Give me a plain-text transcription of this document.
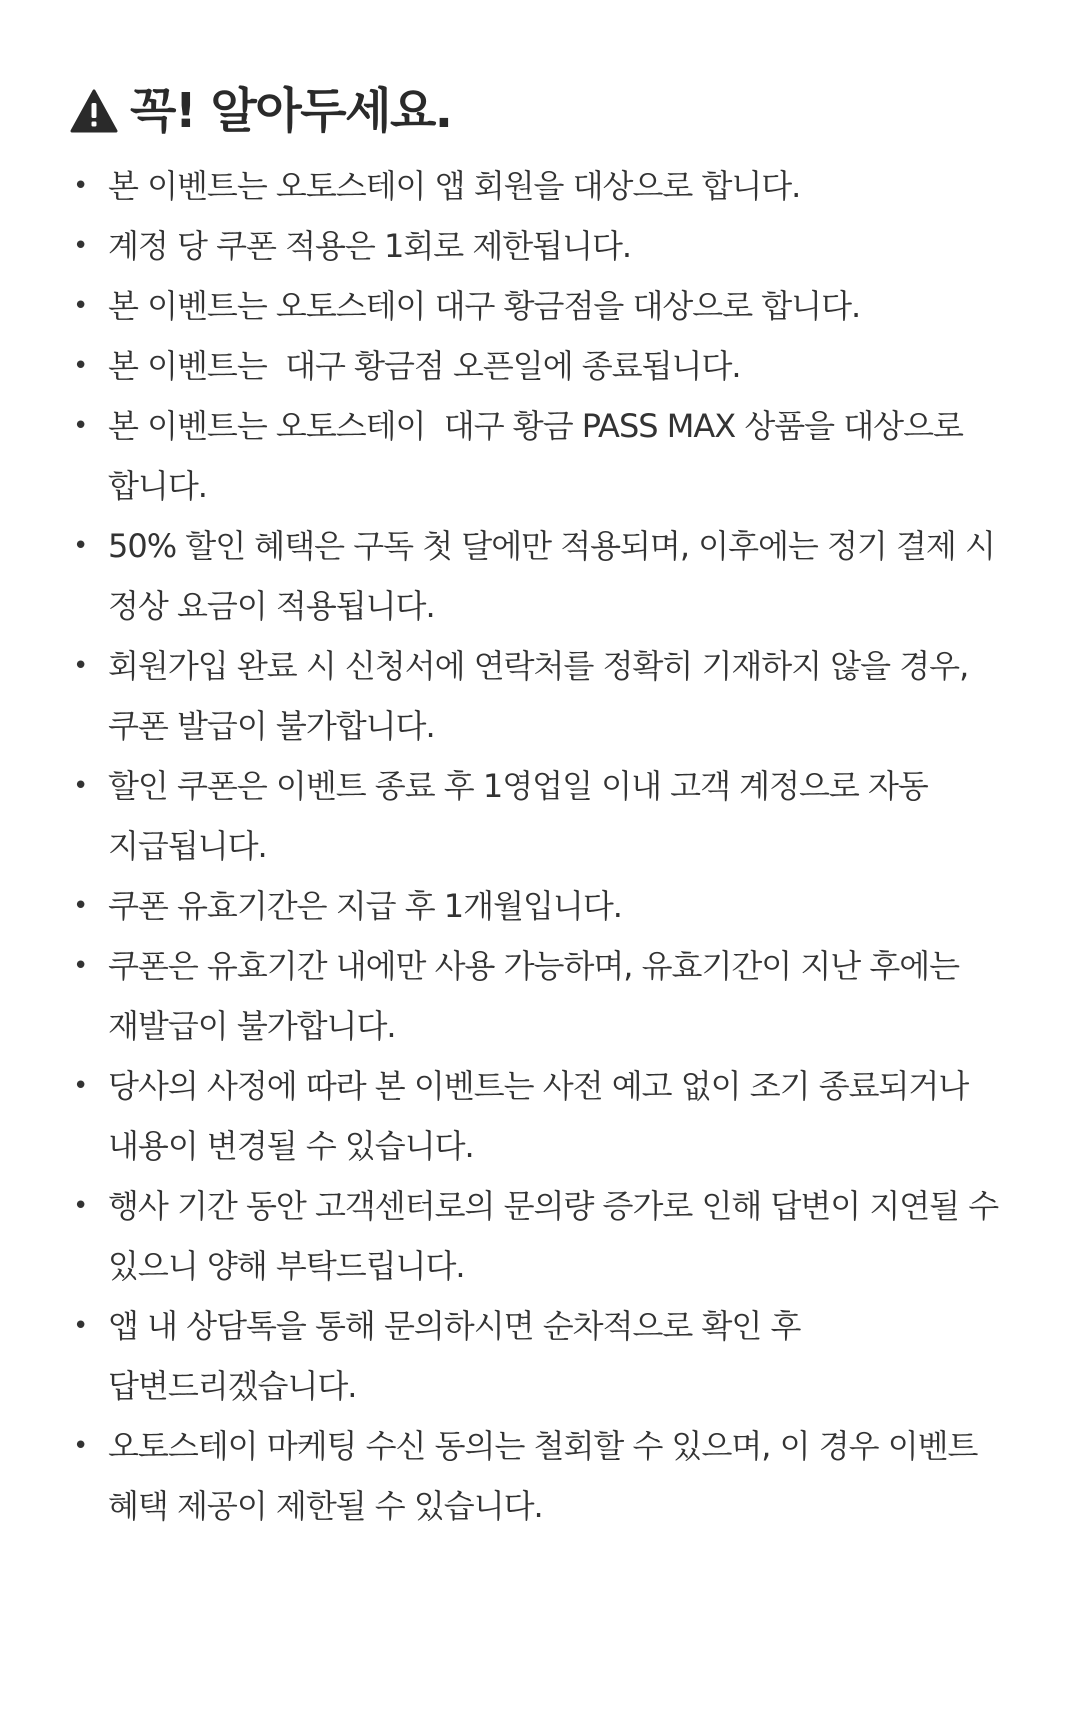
꼭! 알아두세요.
• 본 이벤트는 오토스테이 앱 회원을 대상으로 합니다.
• 계정 당 쿠폰 적용은 1회로 제한됩니다.
• 본 이벤트는 오토스테이 대구 황금점을 대상으로 합니다.
• 본 이벤트는  대구 황금점 오픈일에 종료됩니다.
• 본 이벤트는 오토스테이  대구 황금 PASS MAX 상품을 대상으로 합니다.
• 50% 할인 혜택은 구독 첫 달에만 적용되며, 이후에는 정기 결제 시 정상 요금이 적용됩니다.
• 회원가입 완료 시 신청서에 연락처를 정확히 기재하지 않을 경우, 쿠폰 발급이 불가합니다.
• 할인 쿠폰은 이벤트 종료 후 1영업일 이내 고객 계정으로 자동 지급됩니다.
• 쿠폰 유효기간은 지급 후 1개월입니다.
• 쿠폰은 유효기간 내에만 사용 가능하며, 유효기간이 지난 후에는 재발급이 불가합니다.
• 당사의 사정에 따라 본 이벤트는 사전 예고 없이 조기 종료되거나 내용이 변경될 수 있습니다.
• 행사 기간 동안 고객센터로의 문의량 증가로 인해 답변이 지연될 수 있으니 양해 부탁드립니다.
• 앱 내 상담톡을 통해 문의하시면 순차적으로 확인 후 답변드리겠습니다.
• 오토스테이 마케팅 수신 동의는 철회할 수 있으며, 이 경우 이벤트 혜택 제공이 제한될 수 있습니다.
